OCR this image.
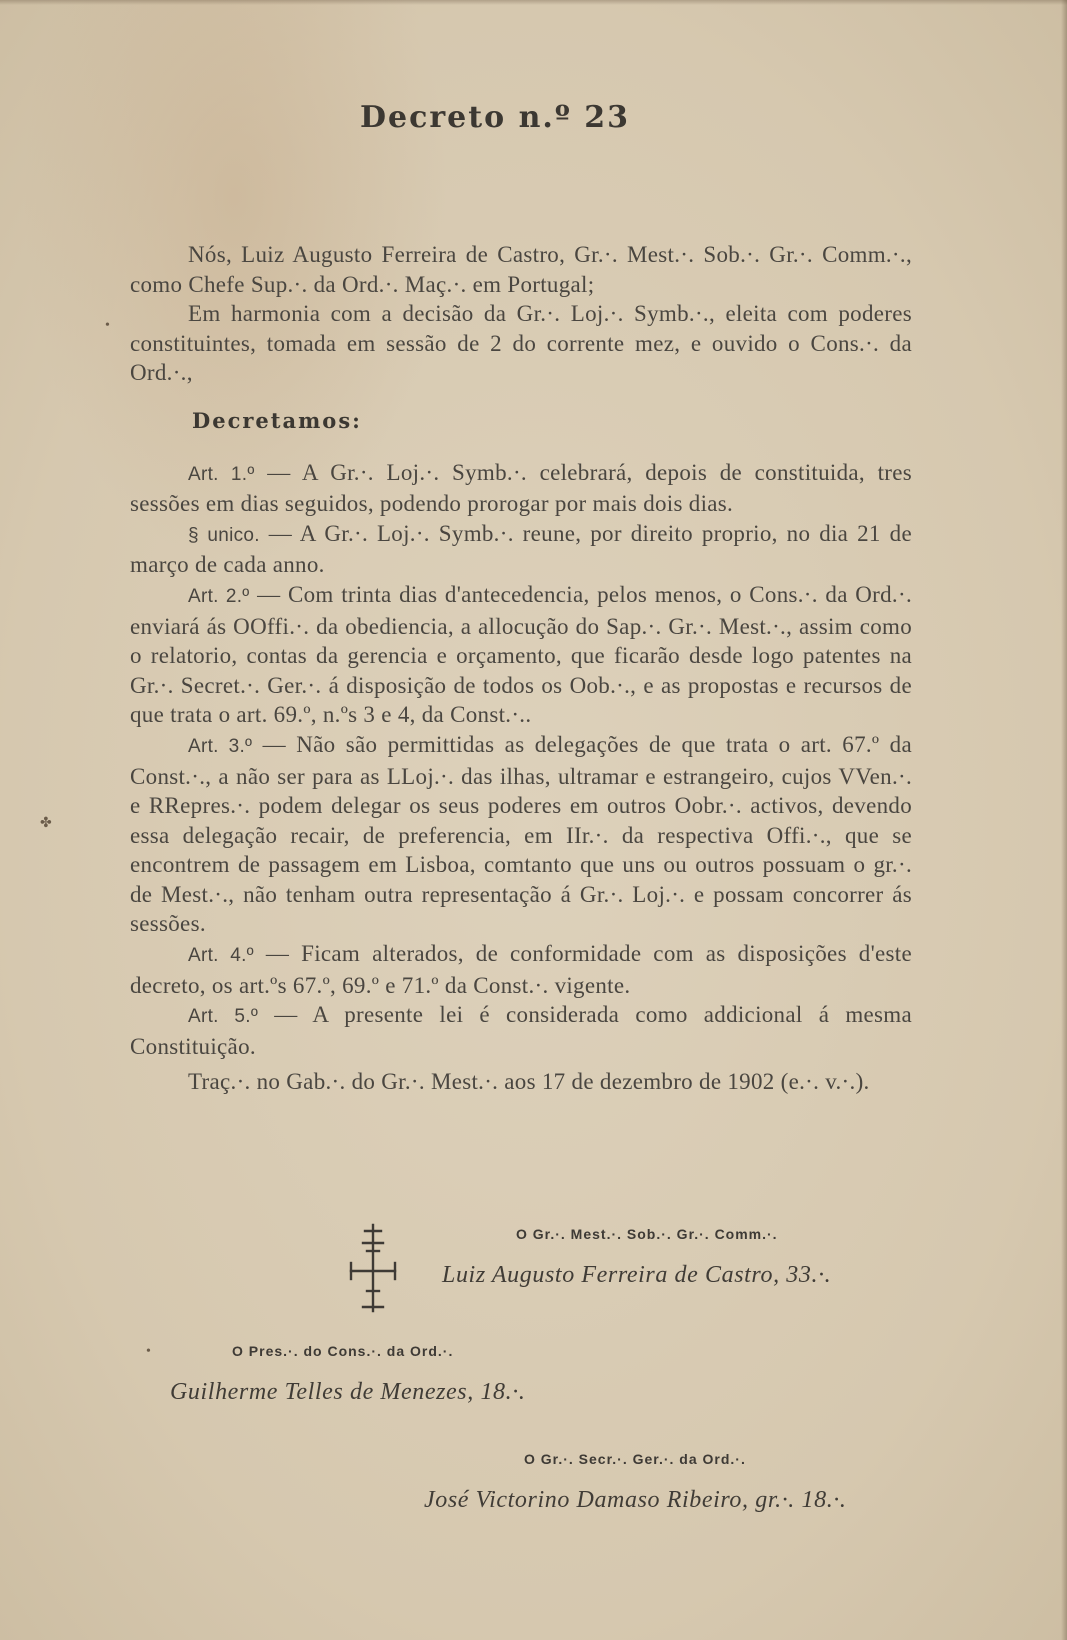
Decreto n.º 23

Nós, Luiz Augusto Ferreira de Castro, Gr.·. Mest.·. Sob.·. Gr.·. Comm.·., como Chefe Sup.·. da Ord.·. Maç.·. em Portugal;

Em harmonia com a decisão da Gr.·. Loj.·. Symb.·., eleita com poderes constituintes, tomada em sessão de 2 do corrente mez, e ouvido o Cons.·. da Ord.·.,

Decretamos:

Art. 1.º — A Gr.·. Loj.·. Symb.·. celebrará, depois de constituida, tres sessões em dias seguidos, podendo prorogar por mais dois dias.

§ unico. — A Gr.·. Loj.·. Symb.·. reune, por direito proprio, no dia 21 de março de cada anno.

Art. 2.º — Com trinta dias d'antecedencia, pelos menos, o Cons.·. da Ord.·. enviará ás OOffi.·. da obediencia, a allocução do Sap.·. Gr.·. Mest.·., assim como o relatorio, contas da gerencia e orçamento, que ficarão desde logo patentes na Gr.·. Secret.·. Ger.·. á disposição de todos os Oob.·., e as propostas e recursos de que trata o art. 69.º, n.ºs 3 e 4, da Const.·..

Art. 3.º — Não são permittidas as delegações de que trata o art. 67.º da Const.·., a não ser para as LLoj.·. das ilhas, ultramar e estrangeiro, cujos VVen.·. e RRepres.·. podem delegar os seus poderes em outros Oobr.·. activos, devendo essa delegação recair, de preferencia, em IIr.·. da respectiva Offi.·., que se encontrem de passagem em Lisboa, comtanto que uns ou outros possuam o gr.·. de Mest.·., não tenham outra representação á Gr.·. Loj.·. e possam concorrer ás sessões.

Art. 4.º — Ficam alterados, de conformidade com as disposições d'este decreto, os art.ºs 67.º, 69.º e 71.º da Const.·. vigente.

Art. 5.º — A presente lei é considerada como addicional á mesma Constituição.

Traç.·. no Gab.·. do Gr.·. Mest.·. aos 17 de dezembro de 1902 (e.·. v.·.).

O Gr.·. Mest.·. Sob.·. Gr.·. Comm.·.
Luiz Augusto Ferreira de Castro, 33.·.
O Pres.·. do Cons.·. da Ord.·.
Guilherme Telles de Menezes, 18.·.
O Gr.·. Secr.·. Ger.·. da Ord.·.
José Victorino Damaso Ribeiro, gr.·. 18.·.
✤
•
•
